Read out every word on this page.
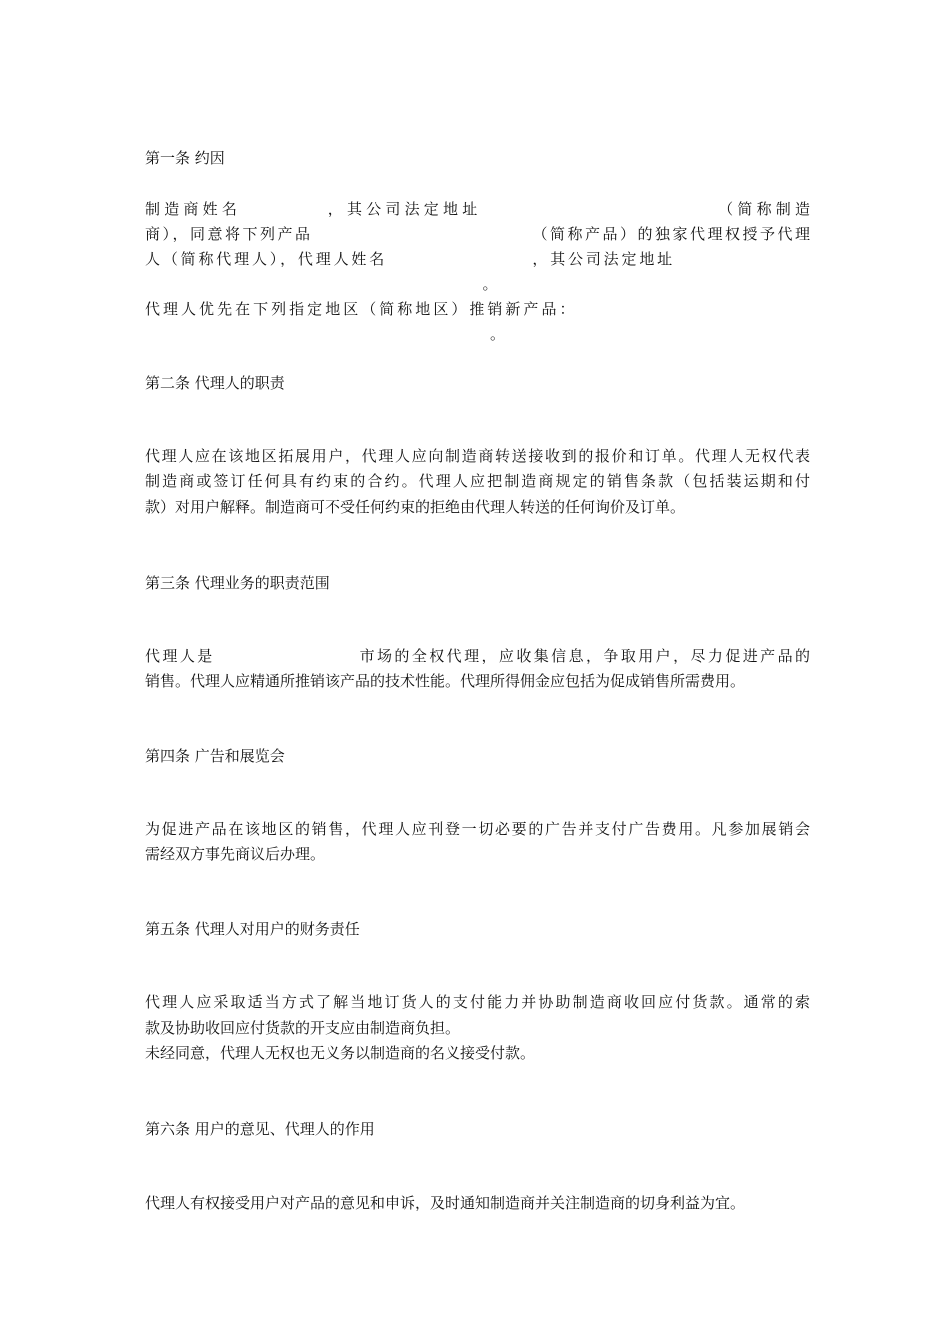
第一条 约因
制造商姓名___________，其公司法定地址_______________________________（简称制造
商），同意将下列产品_____________________________（简称产品）的独家代理权授予代理
人（简称代理人），代理人姓名___________________，其公司法定地址__________________
_____________________________________________。
代理人优先在下列指定地区（简称地区）推销新产品：_______________________________
______________________________________________。
第二条 代理人的职责
代理人应在该地区拓展用户，代理人应向制造商转送接收到的报价和订单。代理人无权代表
制造商或签订任何具有约束的合约。代理人应把制造商规定的销售条款（包括装运期和付
款）对用户解释。制造商可不受任何约束的拒绝由代理人转送的任何询价及订单。
第三条 代理业务的职责范围
代理人是___________________市场的全权代理，应收集信息，争取用户，尽力促进产品的
销售。代理人应精通所推销该产品的技术性能。代理所得佣金应包括为促成销售所需费用。
第四条 广告和展览会
为促进产品在该地区的销售，代理人应刊登一切必要的广告并支付广告费用。凡参加展销会
需经双方事先商议后办理。
第五条 代理人对用户的财务责任
代理人应采取适当方式了解当地订货人的支付能力并协助制造商收回应付货款。通常的索
款及协助收回应付货款的开支应由制造商负担。
未经同意，代理人无权也无义务以制造商的名义接受付款。
第六条 用户的意见、代理人的作用
代理人有权接受用户对产品的意见和申诉，及时通知制造商并关注制造商的切身利益为宜。
